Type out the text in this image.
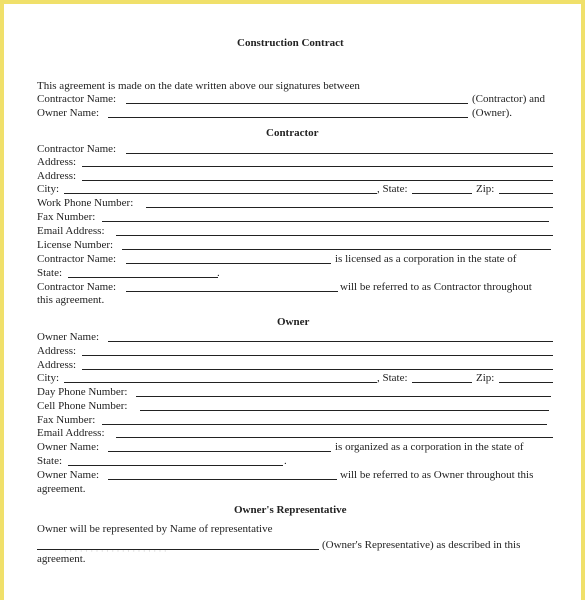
Construction Contract
This agreement is made on the date written above our signatures between
Contractor Name:	(Contractor) and
Owner Name:	(Owner).
Contractor
Contractor Name:
Address:
Address:
City:	, State:	Zip:
Work Phone Number:
Fax Number:
Email Address:
License Number:
Contractor Name:	is licensed as a corporation in the state of
State:	.
Contractor Name:	will be referred to as Contractor throughout
this agreement.
Owner
Owner Name:
Address:
Address:
City:	, State:	Zip:
Day Phone Number:
Cell Phone Number:
Fax Number:
Email Address:
Owner Name:	is organized as a corporation in the state of
State:	.
Owner Name:	will be referred to as Owner throughout this
agreement.
Owner's Representative
Owner will be represented by Name of representative
(Owner's Representative) as described in this
· · · · · · · · · · · · · · · · · · · ·
agreement.
